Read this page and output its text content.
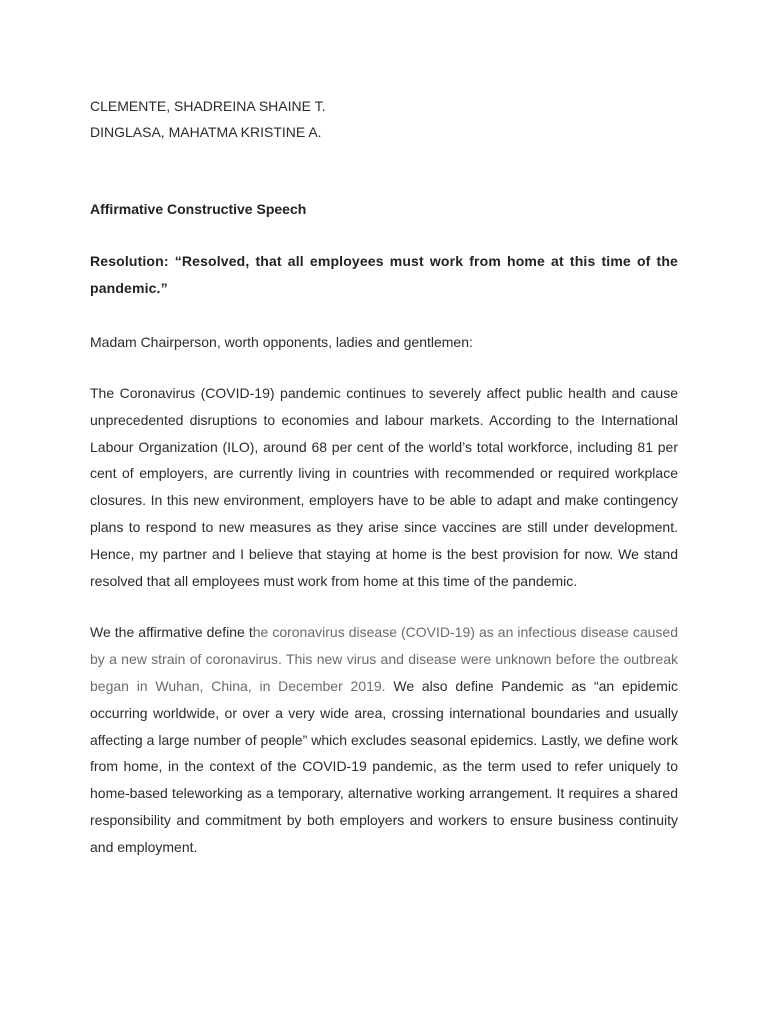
CLEMENTE, SHADREINA SHAINE T.
DINGLASA, MAHATMA KRISTINE A.
Affirmative Constructive Speech
Resolution: “Resolved, that all employees must work from home at this time of the pandemic.”
Madam Chairperson, worth opponents, ladies and gentlemen:
The Coronavirus (COVID-19) pandemic continues to severely affect public health and cause unprecedented disruptions to economies and labour markets. According to the International Labour Organization (ILO), around 68 per cent of the world’s total workforce, including 81 per cent of employers, are currently living in countries with recommended or required workplace closures. In this new environment, employers have to be able to adapt and make contingency plans to respond to new measures as they arise since vaccines are still under development. Hence, my partner and I believe that staying at home is the best provision for now. We stand resolved that all employees must work from home at this time of the pandemic.
We the affirmative define the coronavirus disease (COVID-19) as an infectious disease caused by a new strain of coronavirus. This new virus and disease were unknown before the outbreak began in Wuhan, China, in December 2019. We also define Pandemic as “an epidemic occurring worldwide, or over a very wide area, crossing international boundaries and usually affecting a large number of people” which excludes seasonal epidemics. Lastly, we define work from home, in the context of the COVID-19 pandemic, as the term used to refer uniquely to home-based teleworking as a temporary, alternative working arrangement. It requires a shared responsibility and commitment by both employers and workers to ensure business continuity and employment.
